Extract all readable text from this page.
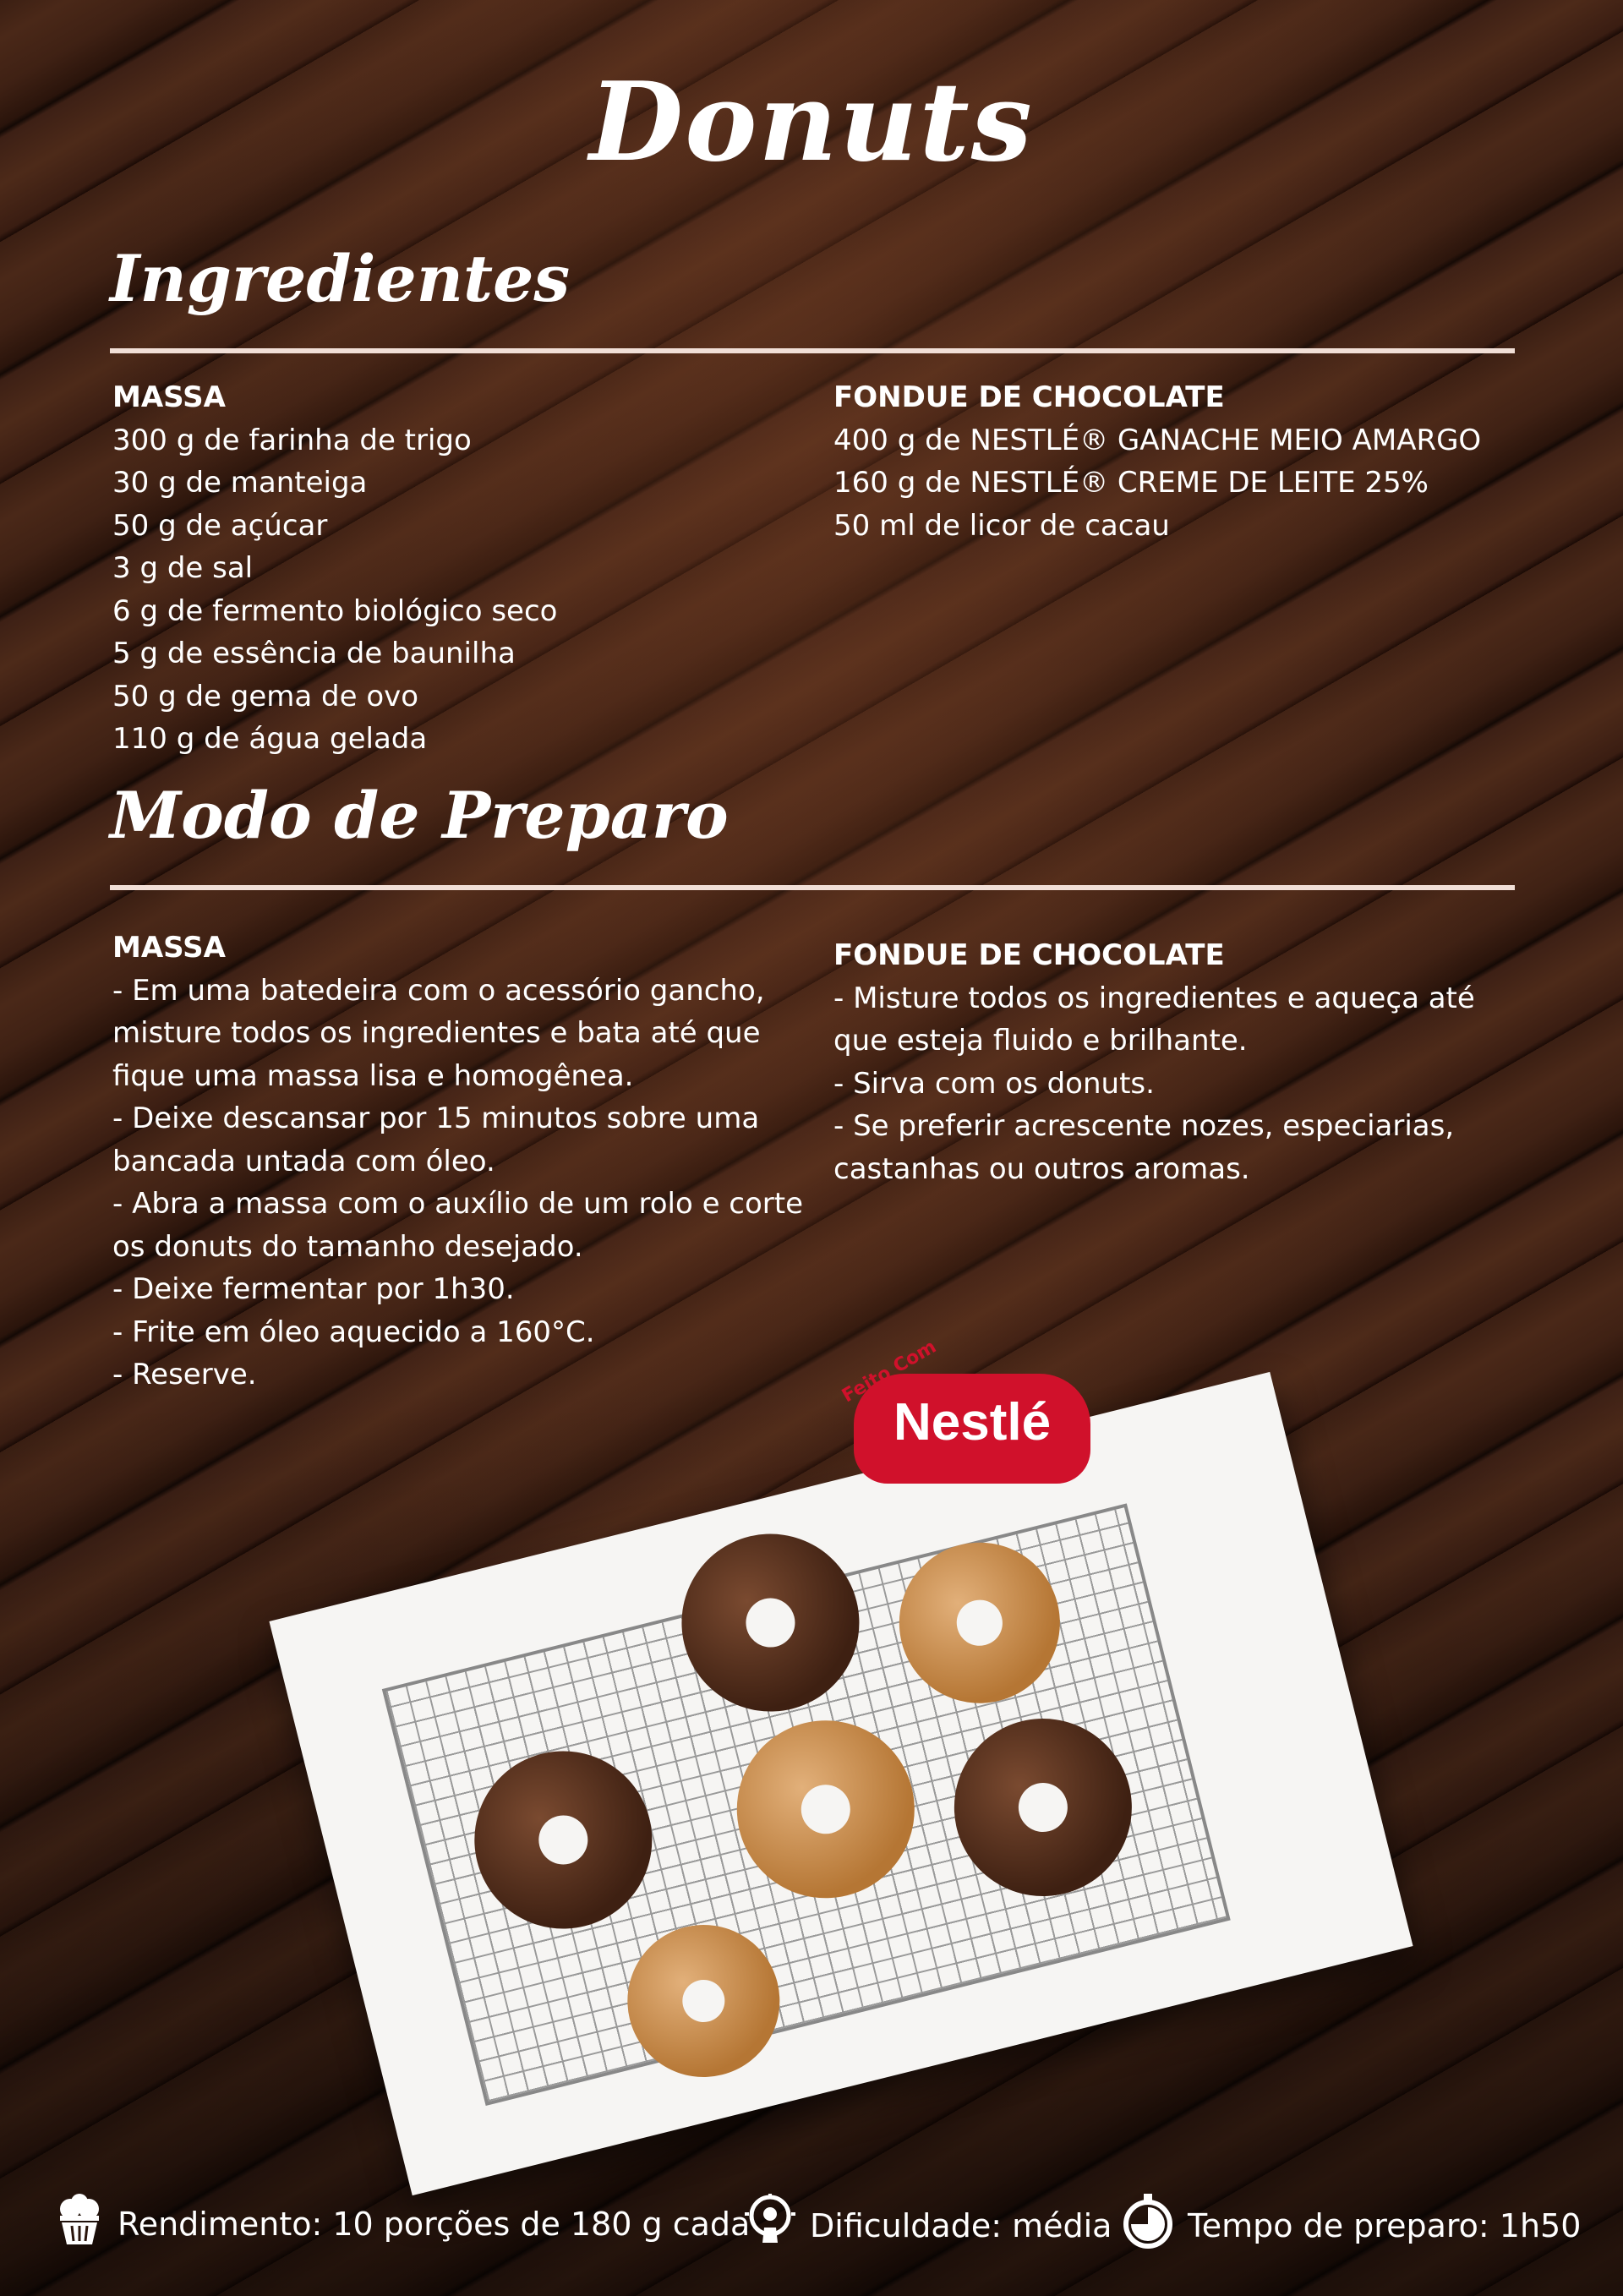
Donuts
Ingredientes
MASSA
300 g de farinha de trigo
30 g de manteiga
50 g de açúcar
3 g de sal
6 g de fermento biológico seco
5 g de essência de baunilha
50 g de gema de ovo
110 g de água gelada
FONDUE DE CHOCOLATE
400 g de NESTLÉ® GANACHE MEIO AMARGO
160 g de NESTLÉ® CREME DE LEITE 25%
50 ml de licor de cacau
Modo de Preparo
MASSA
- Em uma batedeira com o acessório gancho, misture todos os ingredientes e bata até que fique uma massa lisa e homogênea.
- Deixe descansar por 15 minutos sobre uma bancada untada com óleo.
- Abra a massa com o auxílio de um rolo e corte os donuts do tamanho desejado.
- Deixe fermentar por 1h30.
- Frite em óleo aquecido a 160°C.
- Reserve.
FONDUE DE CHOCOLATE
- Misture todos os ingredientes e aqueça até que esteja fluido e brilhante.
- Sirva com os donuts.
- Se preferir acrescente nozes, especiarias, castanhas ou outros aromas.
Feito Com
Nestlé
Rendimento: 10 porções de 180 g cada Dificuldade: média Tempo de preparo: 1h50
